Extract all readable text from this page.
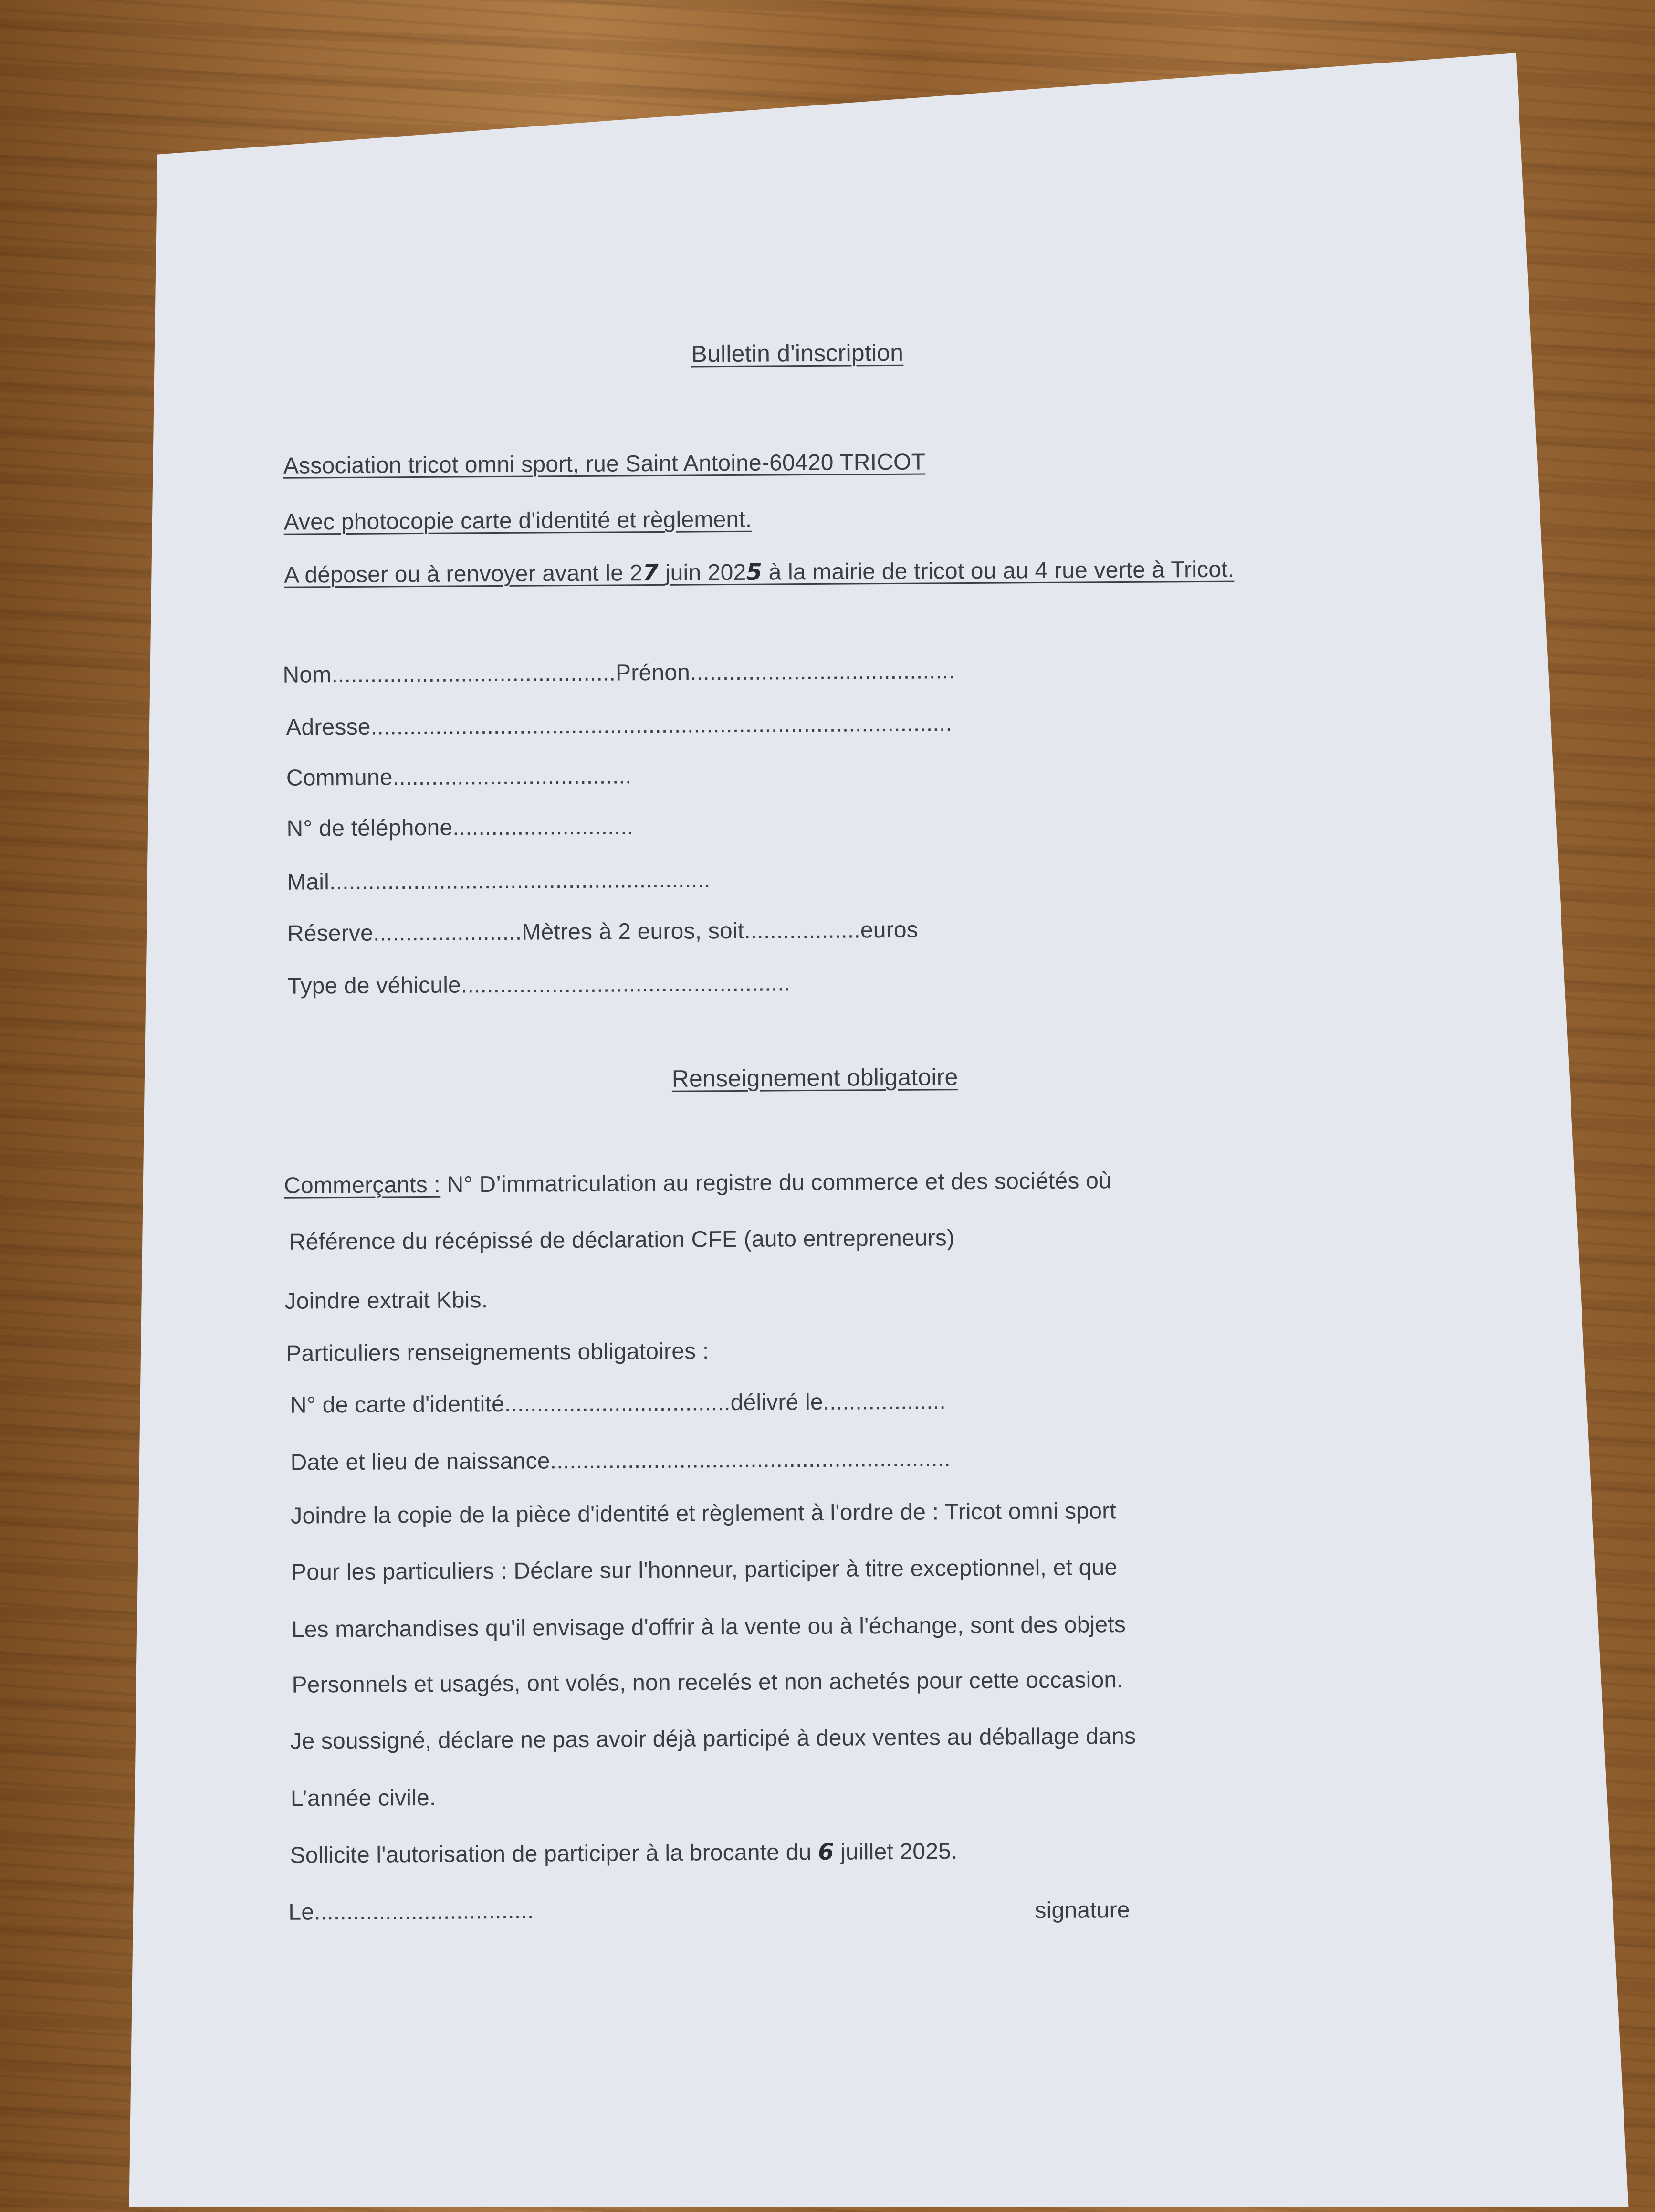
Bulletin d'inscription
Association tricot omni sport, rue Saint Antoine-60420 TRICOT
Avec photocopie carte d'identité et règlement.
A déposer ou à renvoyer avant le 27 juin 2025 à la mairie de tricot ou au 4 rue verte à Tricot.
Nom............................................Prénon.........................................
Adresse..........................................................................................
Commune.....................................
N° de téléphone............................
Mail...........................................................
Réserve.......................Mètres à 2 euros, soit..................euros
Type de véhicule...................................................
Renseignement obligatoire
Commerçants : N° D’immatriculation au registre du commerce et des sociétés où
Référence du récépissé de déclaration CFE (auto entrepreneurs)
Joindre extrait Kbis.
Particuliers renseignements obligatoires :
N° de carte d'identité...................................délivré le...................
Date et lieu de naissance..............................................................
Joindre la copie de la pièce d'identité et règlement à l'ordre de : Tricot omni sport
Pour les particuliers : Déclare sur l'honneur, participer à titre exceptionnel, et que
Les marchandises qu'il envisage d'offrir à la vente ou à l'échange, sont des objets
Personnels et usagés, ont volés, non recelés et non achetés pour cette occasion.
Je soussigné, déclare ne pas avoir déjà participé à deux ventes au déballage dans
L’année civile.
Sollicite l'autorisation de participer à la brocante du 6 juillet 2025.
Le..................................	signature
